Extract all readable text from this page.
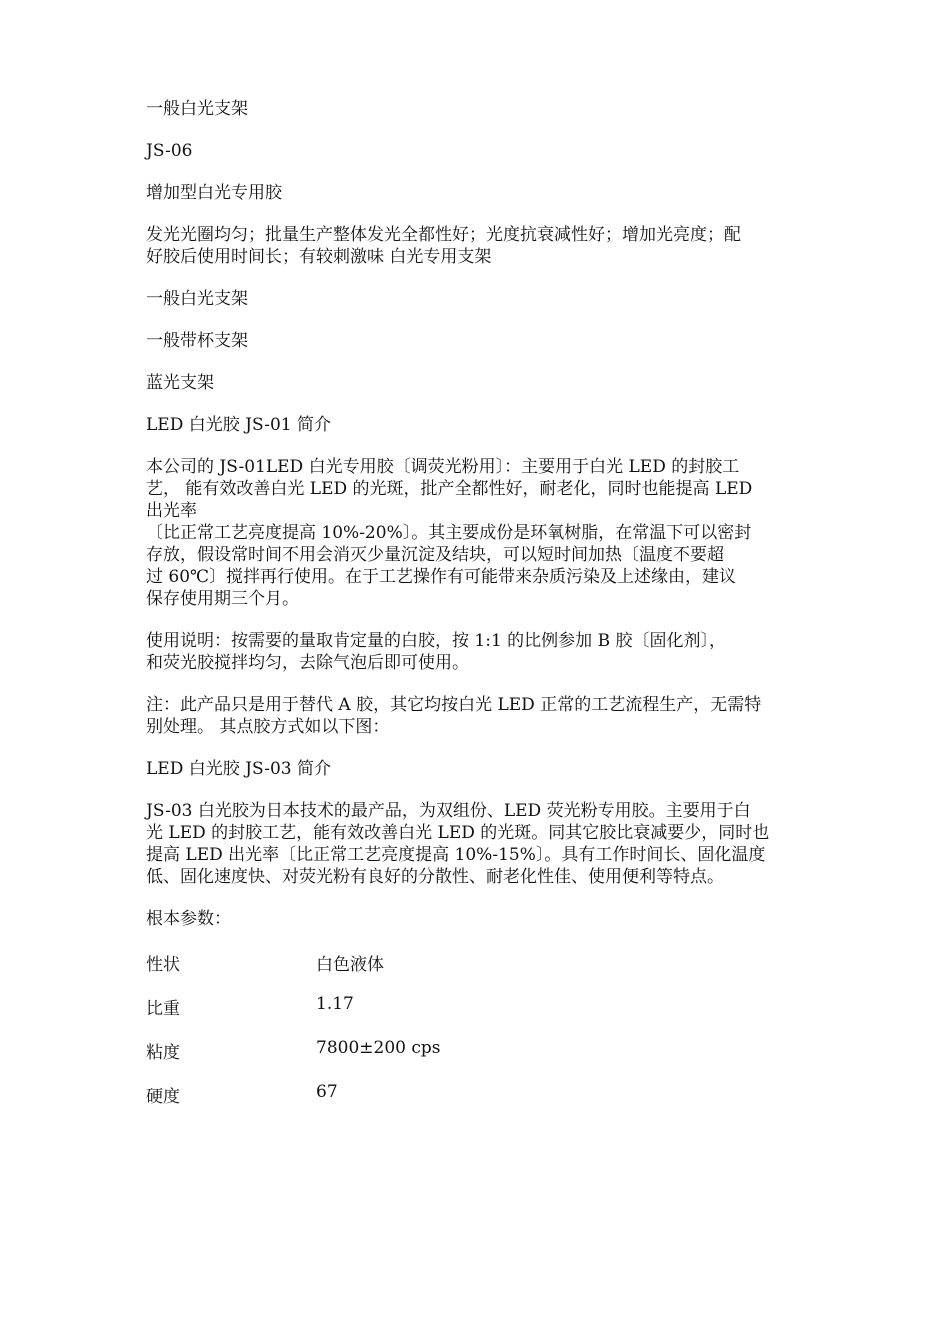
一般白光支架

JS-06

增加型白光专用胶

发光光圈均匀；批量生产整体发光全都性好；光度抗衰减性好；增加光亮度；配
好胶后使用时间长；有较刺激味 白光专用支架

一般白光支架

一般带杯支架

蓝光支架

LED 白光胶 JS-01 简介

本公司的 JS-01LED 白光专用胶〔调荧光粉用〕：主要用于白光 LED 的封胶工
艺， 能有效改善白光 LED 的光斑，批产全都性好，耐老化，同时也能提高 LED
出光率
〔比正常工艺亮度提高 10%-20%〕。其主要成份是环氧树脂，在常温下可以密封
存放，假设常时间不用会消灭少量沉淀及结块，可以短时间加热〔温度不要超
过 60℃〕搅拌再行使用。在于工艺操作有可能带来杂质污染及上述缘由，建议
保存使用期三个月。

使用说明：按需要的量取肯定量的白胶，按 1:1 的比例参加 B 胶〔固化剂〕，
和荧光胶搅拌均匀，去除气泡后即可使用。

注：此产品只是用于替代 A 胶，其它均按白光 LED 正常的工艺流程生产，无需特
别处理。 其点胶方式如以下图：

LED 白光胶 JS-03 简介

JS-03 白光胶为日本技术的最产品，为双组份、LED 荧光粉专用胶。主要用于白
光 LED 的封胶工艺，能有效改善白光 LED 的光斑。同其它胶比衰减要少，同时也
提高 LED 出光率〔比正常工艺亮度提高 10%-15%〕。具有工作时间长、固化温度
低、固化速度快、对荧光粉有良好的分散性、耐老化性佳、使用便利等特点。

根本参数：

性状	白色液体
比重	1.17
粘度	7800±200 cps
硬度	67
